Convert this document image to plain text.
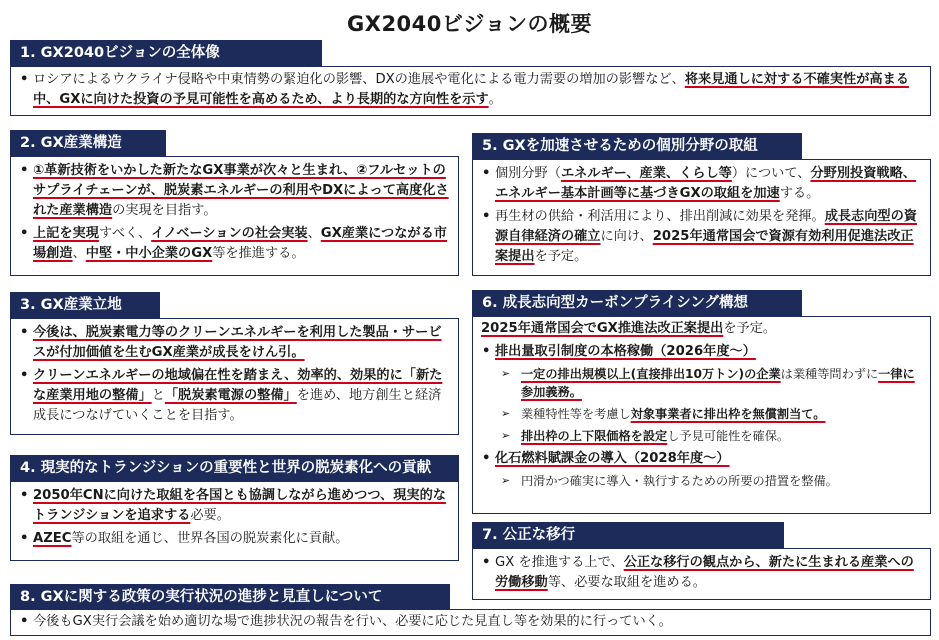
GX2040ビジョンの概要
1. GX2040ビジョンの全体像
• ロシアによるウクライナ侵略や中東情勢の緊迫化の影響、DXの進展や電化による電力需要の増加の影響など、将来見通しに対する不確実性が高まる中、GXに向けた投資の予見可能性を高めるため、より長期的な方向性を示す。
2. GX産業構造
• ①革新技術をいかした新たなGX事業が次々と生まれ、②フルセットのサプライチェーンが、脱炭素エネルギーの利用やDXによって高度化された産業構造の実現を目指す。
• 上記を実現すべく、イノベーションの社会実装、GX産業につながる市場創造、中堅・中小企業のGX等を推進する。
3. GX産業立地
• 今後は、脱炭素電力等のクリーンエネルギーを利用した製品・サービスが付加価値を生むGX産業が成長をけん引。
• クリーンエネルギーの地域偏在性を踏まえ、効率的、効果的に「新たな産業用地の整備」と「脱炭素電源の整備」を進め、地方創生と経済成長につなげていくことを目指す。
4. 現実的なトランジションの重要性と世界の脱炭素化への貢献
• 2050年CNに向けた取組を各国とも協調しながら進めつつ、現実的なトランジションを追求する必要。
• AZEC等の取組を通じ、世界各国の脱炭素化に貢献。
5. GXを加速させるための個別分野の取組
• 個別分野（エネルギー、産業、くらし等）について、分野別投資戦略、エネルギー基本計画等に基づきGXの取組を加速する。
• 再生材の供給・利活用により、排出削減に効果を発揮。成長志向型の資源自律経済の確立に向け、2025年通常国会で資源有効利用促進法改正案提出を予定。
6. 成長志向型カーボンプライシング構想
2025年通常国会でGX推進法改正案提出を予定。
• 排出量取引制度の本格稼働（2026年度～）
➢ 一定の排出規模以上(直接排出10万トン)の企業は業種等問わずに一律に参加義務。
➢ 業種特性等を考慮し対象事業者に排出枠を無償割当て。
➢ 排出枠の上下限価格を設定し予見可能性を確保。
• 化石燃料賦課金の導入（2028年度～）
➢ 円滑かつ確実に導入・執行するための所要の措置を整備。
7. 公正な移行
• GX を推進する上で、公正な移行の観点から、新たに生まれる産業への労働移動等、必要な取組を進める。
8. GXに関する政策の実行状況の進捗と見直しについて
• 今後もGX実行会議を始め適切な場で進捗状況の報告を行い、必要に応じた見直し等を効果的に行っていく。
